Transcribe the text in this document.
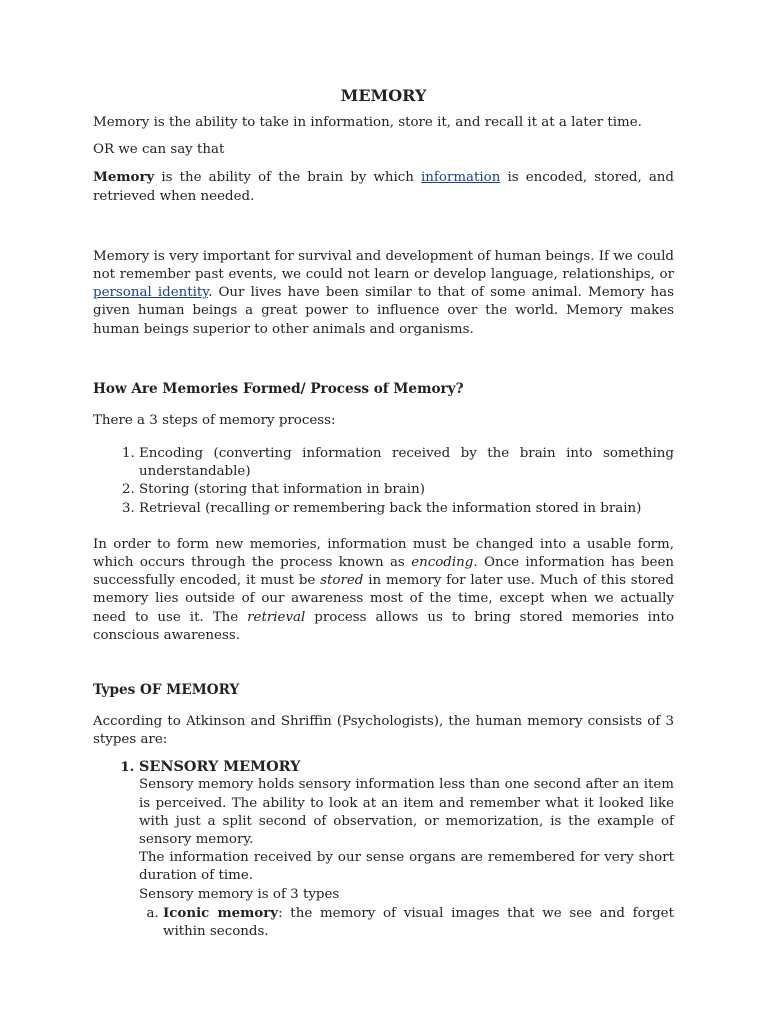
MEMORY

Memory is the ability to take in information, store it, and recall it at a later time.

OR we can say that

Memory is the ability of the brain by which information is encoded, stored, and retrieved when needed.

Memory is very important for survival and development of human beings. If we could not remember past events, we could not learn or develop language, relationships, or personal identity. Our lives have been similar to that of some animal. Memory has given human beings a great power to influence over the world. Memory makes human beings superior to other animals and organisms.

How Are Memories Formed/ Process of Memory?

There a 3 steps of memory process:

1. Encoding (converting information received by the brain into something understandable)
2. Storing (storing that information in brain)
3. Retrieval (recalling or remembering back the information stored in brain)

In order to form new memories, information must be changed into a usable form, which occurs through the process known as encoding. Once information has been successfully encoded, it must be stored in memory for later use. Much of this stored memory lies outside of our awareness most of the time, except when we actually need to use it. The retrieval process allows us to bring stored memories into conscious awareness.

Types OF MEMORY

According to Atkinson and Shriffin (Psychologists), the human memory consists of 3 stypes are:

1. SENSORY MEMORY

Sensory memory holds sensory information less than one second after an item is perceived. The ability to look at an item and remember what it looked like with just a split second of observation, or memorization, is the example of sensory memory.

The information received by our sense organs are remembered for very short duration of time.

Sensory memory is of 3 types

a. Iconic memory: the memory of visual images that we see and forget within seconds.
